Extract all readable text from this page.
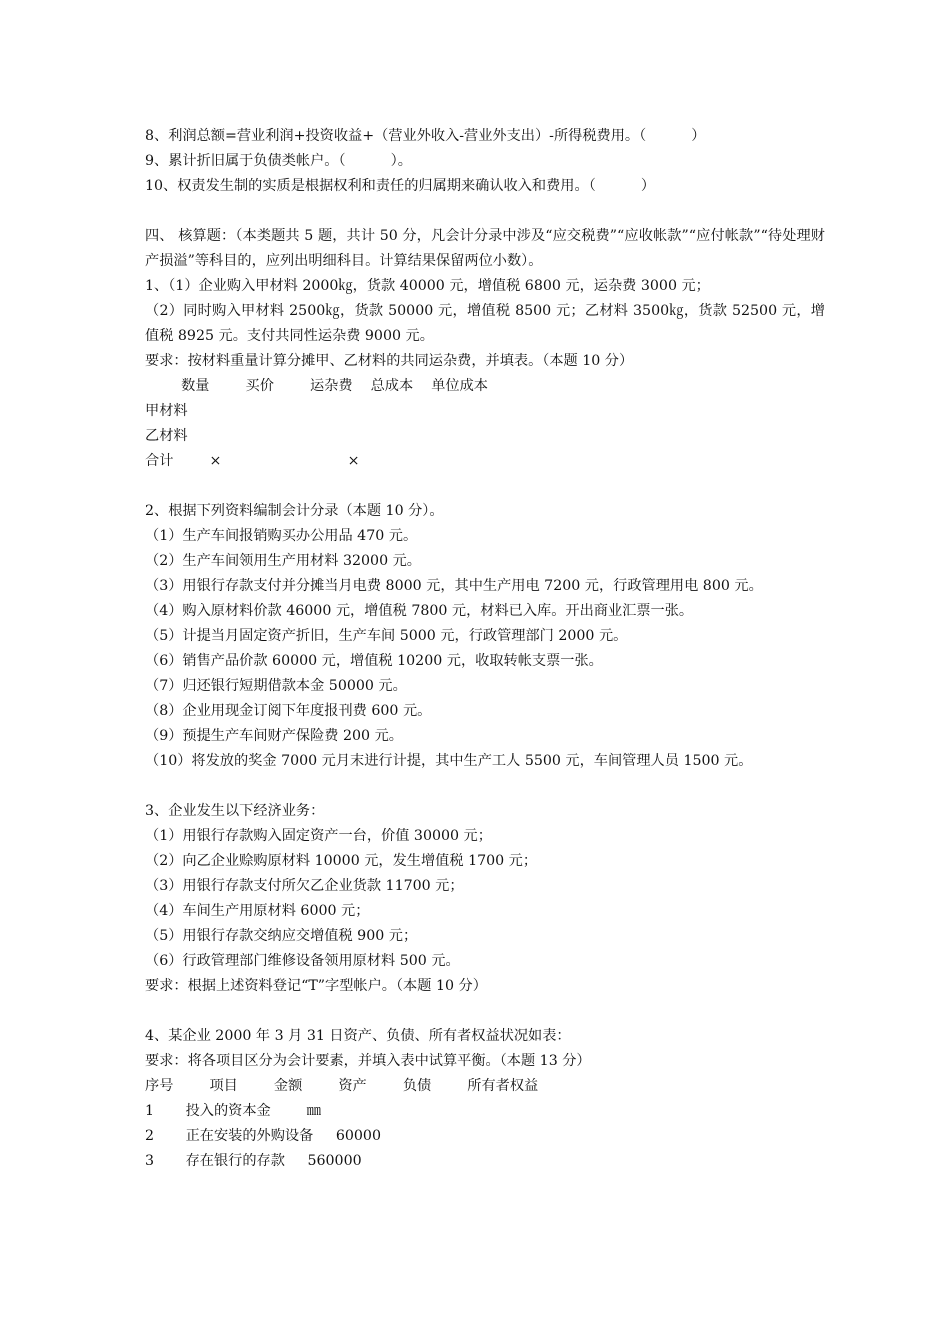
8、利润总额=营业利润+投资收益+（营业外收入-营业外支出）-所得税费用。（          ）
9、累计折旧属于负债类帐户。（          ）。
10、权责发生制的实质是根据权利和责任的归属期来确认收入和费用。（          ）
四、 核算题：（本类题共 5 题，共计 50 分，凡会计分录中涉及“应交税费”“应收帐款”“应付帐款”“待处理财产损溢”等科目的，应列出明细科目。计算结果保留两位小数）。
1、（1）企业购入甲材料 2000㎏，货款 40000 元，增值税 6800 元，运杂费 3000 元；
（2）同时购入甲材料 2500㎏，货款 50000 元，增值税 8500 元；乙材料 3500㎏，货款 52500 元，增值税 8925 元。支付共同性运杂费 9000 元。
要求：按材料重量计算分摊甲、乙材料的共同运杂费，并填表。（本题 10 分）
数量        买价        运杂费    总成本    单位成本
甲材料
乙材料
合计        ×                            ×
2、根据下列资料编制会计分录（本题 10 分）。
（1）生产车间报销购买办公用品 470 元。
（2）生产车间领用生产用材料 32000 元。
（3）用银行存款支付并分摊当月电费 8000 元，其中生产用电 7200 元，行政管理用电 800 元。
（4）购入原材料价款 46000 元，增值税 7800 元，材料已入库。开出商业汇票一张。
（5）计提当月固定资产折旧，生产车间 5000 元，行政管理部门 2000 元。
（6）销售产品价款 60000 元，增值税 10200 元，收取转帐支票一张。
（7）归还银行短期借款本金 50000 元。
（8）企业用现金订阅下年度报刊费 600 元。
（9）预提生产车间财产保险费 200 元。
（10）将发放的奖金 7000 元月末进行计提，其中生产工人 5500 元，车间管理人员 1500 元。
3、企业发生以下经济业务：
（1）用银行存款购入固定资产一台，价值 30000 元；
（2）向乙企业赊购原材料 10000 元，发生增值税 1700 元；
（3）用银行存款支付所欠乙企业货款 11700 元；
（4）车间生产用原材料 6000 元；
（5）用银行存款交纳应交增值税 900 元；
（6）行政管理部门维修设备领用原材料 500 元。
要求：根据上述资料登记“T”字型帐户。（本题 10 分）
4、某企业 2000 年 3 月 31 日资产、负债、所有者权益状况如表：
要求：将各项目区分为会计要素，并填入表中试算平衡。（本题 13 分）
序号        项目        金额        资产        负债        所有者权益
1       投入的资本金        ㎜
2       正在安装的外购设备     60000
3       存在银行的存款     560000
